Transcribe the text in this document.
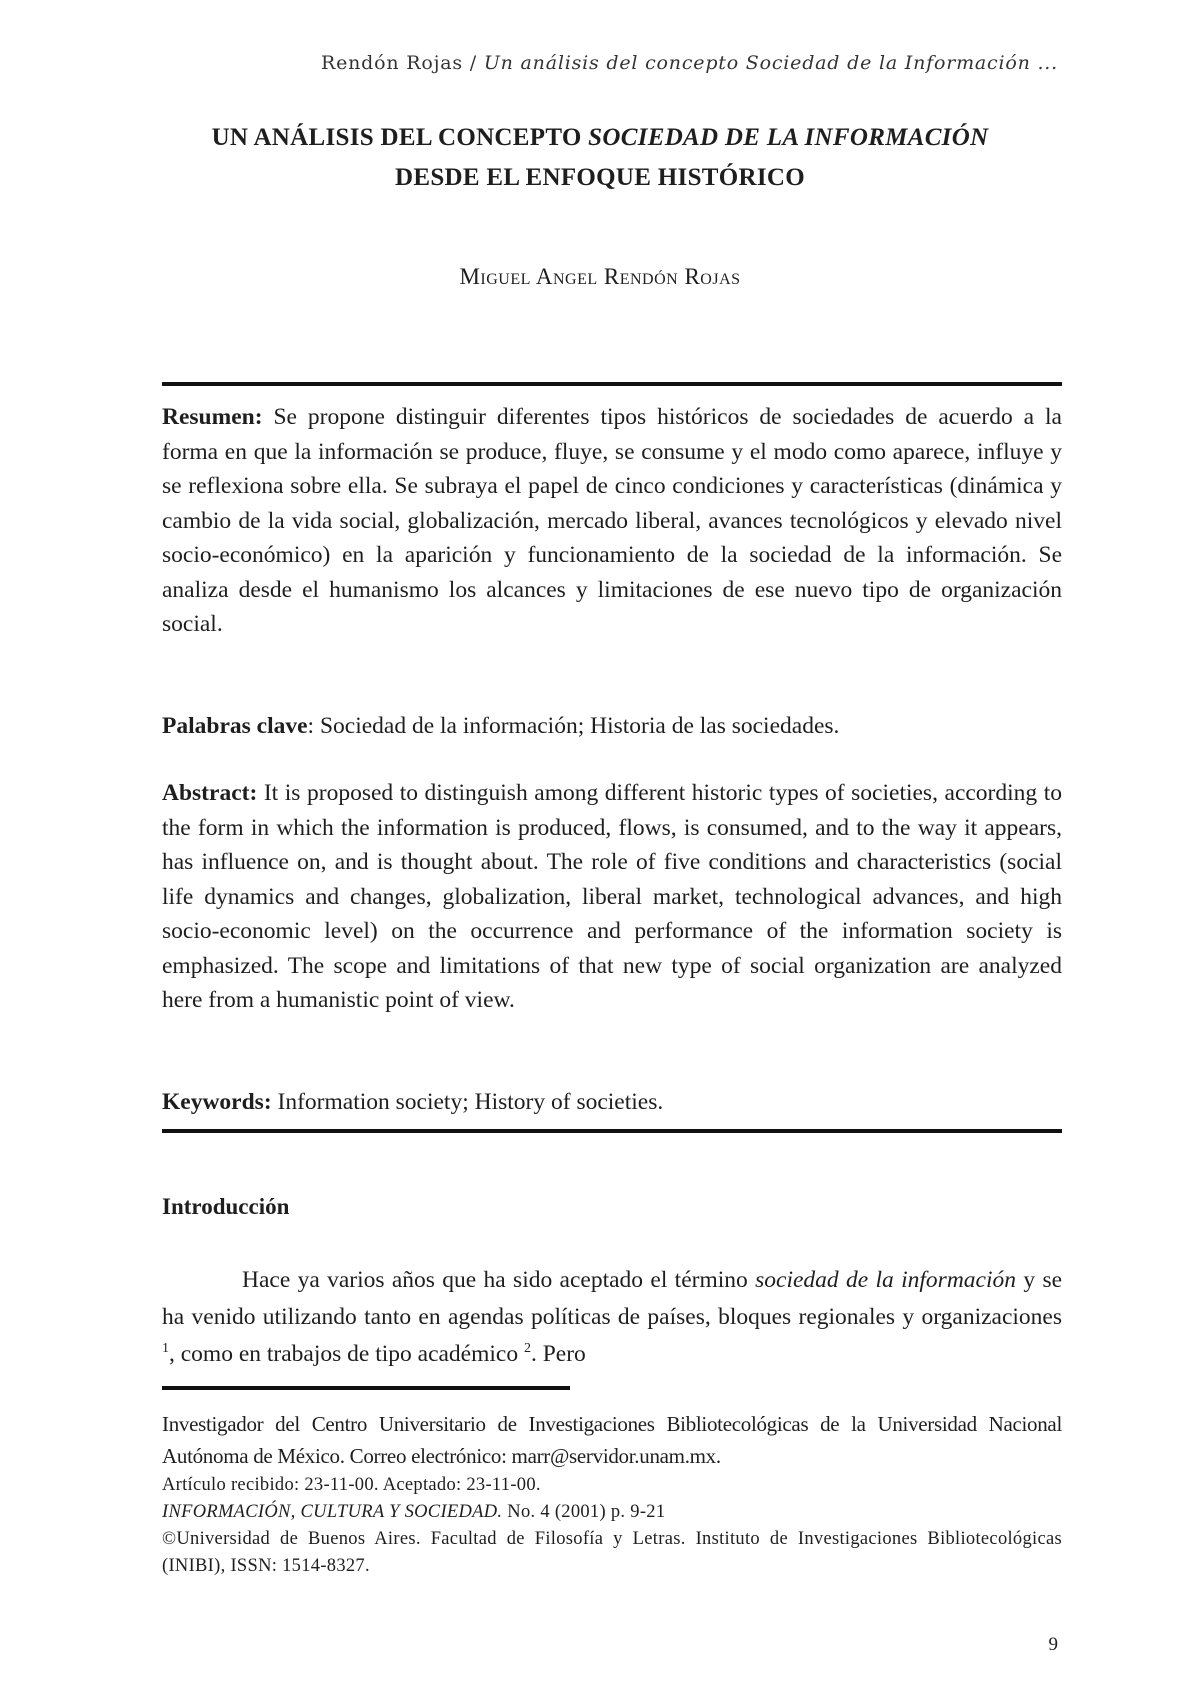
Rendón Rojas / Un análisis del concepto Sociedad de la Información ...
UN ANÁLISIS DEL CONCEPTO SOCIEDAD DE LA INFORMACIÓN
DESDE EL ENFOQUE HISTÓRICO
Miguel Angel Rendón Rojas
Resumen: Se propone distinguir diferentes tipos históricos de sociedades de acuerdo a la forma en que la información se produce, fluye, se consume y el modo como aparece, influye y se reflexiona sobre ella. Se subraya el papel de cinco condiciones y características (dinámica y cambio de la vida social, globalización, mercado liberal, avances tecnológicos y elevado nivel socio-económico) en la aparición y funcionamiento de la sociedad de la información. Se analiza desde el humanismo los alcances y limitaciones de ese nuevo tipo de organización social.
Palabras clave: Sociedad de la información; Historia de las sociedades.
Abstract: It is proposed to distinguish among different historic types of societies, according to the form in which the information is produced, flows, is consumed, and to the way it appears, has influence on, and is thought about. The role of five conditions and characteristics (social life dynamics and changes, globalization, liberal market, technological advances, and high socio-economic level) on the occurrence and performance of the information society is emphasized. The scope and limitations of that new type of social organization are analyzed here from a humanistic point of view.
Keywords: Information society; History of societies.
Introducción
Hace ya varios años que ha sido aceptado el término sociedad de la información y se ha venido utilizando tanto en agendas políticas de países, bloques regionales y organizaciones $^1$, como en trabajos de tipo académico $^2$. Pero
Investigador del Centro Universitario de Investigaciones Bibliotecológicas de la Universidad Nacional Autónoma de México. Correo electrónico: marr@servidor.unam.mx.
Artículo recibido: 23-11-00. Aceptado: 23-11-00.
INFORMACIÓN, CULTURA Y SOCIEDAD. No. 4 (2001) p. 9-21
©Universidad de Buenos Aires. Facultad de Filosofía y Letras. Instituto de Investigaciones Bibliotecológicas (INIBI), ISSN: 1514-8327.
9
